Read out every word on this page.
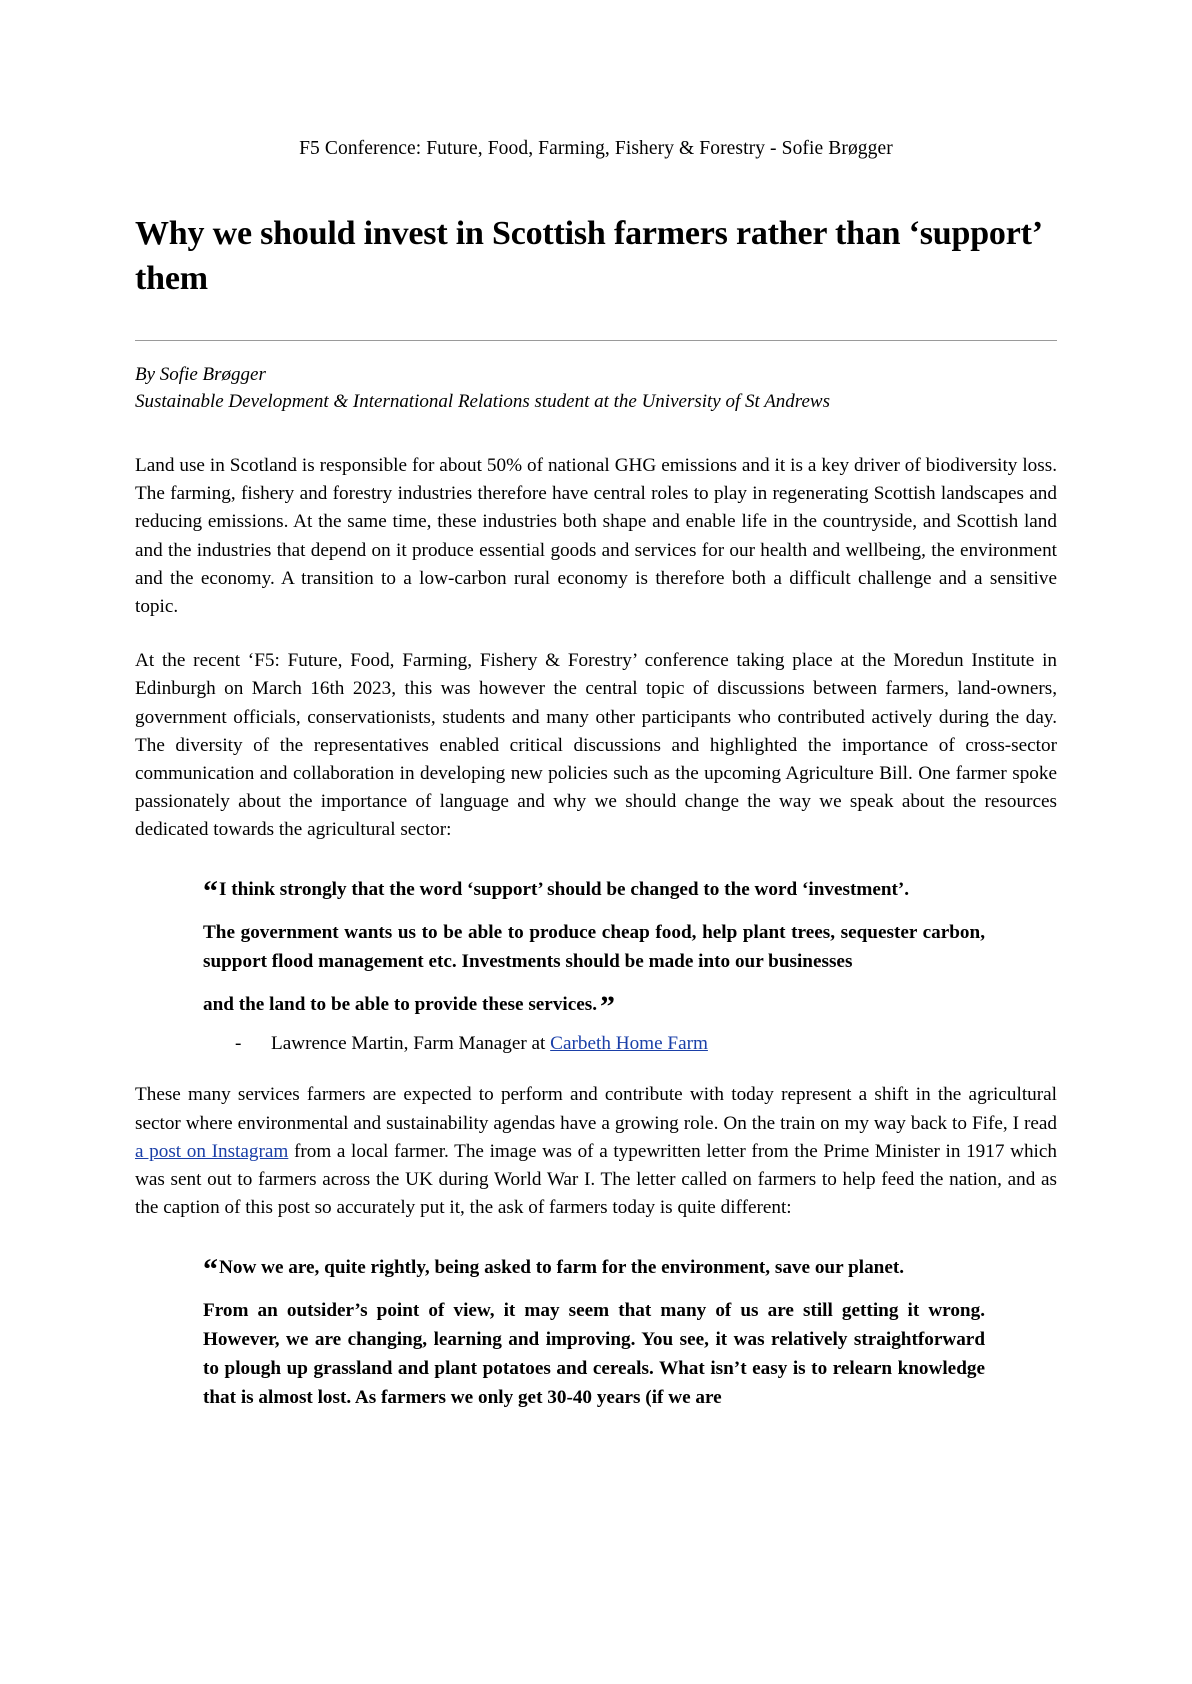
F5 Conference: Future, Food, Farming, Fishery & Forestry - Sofie Brøgger
Why we should invest in Scottish farmers rather than ‘support’ them
By Sofie Brøgger
Sustainable Development & International Relations student at the University of St Andrews

Land use in Scotland is responsible for about 50% of national GHG emissions and it is a key driver of biodiversity loss. The farming, fishery and forestry industries therefore have central roles to play in regenerating Scottish landscapes and reducing emissions. At the same time, these industries both shape and enable life in the countryside, and Scottish land and the industries that depend on it produce essential goods and services for our health and wellbeing, the environment and the economy. A transition to a low-carbon rural economy is therefore both a difficult challenge and a sensitive topic.

At the recent ‘F5: Future, Food, Farming, Fishery & Forestry’ conference taking place at the Moredun Institute in Edinburgh on March 16th 2023, this was however the central topic of discussions between farmers, land-owners, government officials, conservationists, students and many other participants who contributed actively during the day. The diversity of the representatives enabled critical discussions and highlighted the importance of cross-sector communication and collaboration in developing new policies such as the upcoming Agriculture Bill. One farmer spoke passionately about the importance of language and why we should change the way we speak about the resources dedicated towards the agricultural sector:

“I think strongly that the word ‘support’ should be changed to the word ‘investment’.

The government wants us to be able to produce cheap food, help plant trees, sequester carbon, support flood management etc. Investments should be made into our businesses

and the land to be able to provide these services. ”

- Lawrence Martin, Farm Manager at Carbeth Home Farm

These many services farmers are expected to perform and contribute with today represent a shift in the agricultural sector where environmental and sustainability agendas have a growing role. On the train on my way back to Fife, I read a post on Instagram from a local farmer. The image was of a typewritten letter from the Prime Minister in 1917 which was sent out to farmers across the UK during World War I. The letter called on farmers to help feed the nation, and as the caption of this post so accurately put it, the ask of farmers today is quite different:

“Now we are, quite rightly, being asked to farm for the environment, save our planet.

From an outsider’s point of view, it may seem that many of us are still getting it wrong. However, we are changing, learning and improving. You see, it was relatively straightforward to plough up grassland and plant potatoes and cereals. What isn’t easy is to relearn knowledge that is almost lost. As farmers we only get 30-40 years (if we are
